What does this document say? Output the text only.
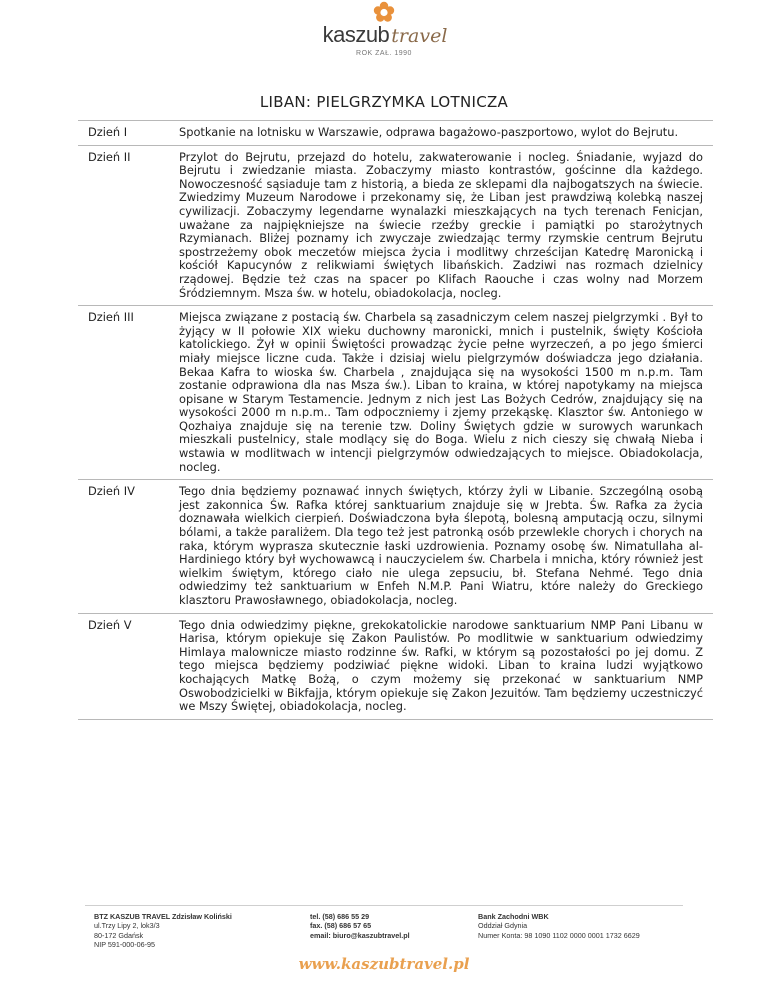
kaszub travel
ROK ZAŁ. 1990
LIBAN: PIELGRZYMKA LOTNICZA
Dzień I	Spotkanie na lotnisku w Warszawie, odprawa bagażowo-paszportowo, wylot do Bejrutu.
Dzień II	Przylot do Bejrutu, przejazd do hotelu, zakwaterowanie i nocleg. Śniadanie, wyjazd do Bejrutu i zwiedzanie miasta. Zobaczymy miasto kontrastów, gościnne dla każdego. Nowoczesność sąsiaduje tam z historią, a bieda ze sklepami dla najbogatszych na świecie. Zwiedzimy Muzeum Narodowe i przekonamy się, że Liban jest prawdziwą kolebką naszej cywilizacji. Zobaczymy legendarne wynalazki mieszkających na tych terenach Fenicjan, uważane za najpiękniejsze na świecie rzeźby greckie i pamiątki po starożytnych Rzymianach. Bliżej poznamy ich zwyczaje zwiedzając termy rzymskie centrum Bejrutu spostrzeżemy obok meczetów miejsca życia i modlitwy chrześcijan Katedrę Maronicką i kościół Kapucynów z relikwiami świętych libańskich. Zadziwi nas rozmach dzielnicy rządowej. Będzie też czas na spacer po Klifach Raouche i czas wolny nad Morzem Śródziemnym. Msza św. w hotelu, obiadokolacja, nocleg.
Dzień III	Miejsca związane z postacią św. Charbela są zasadniczym celem naszej pielgrzymki . Był to żyjący w II połowie XIX wieku duchowny maronicki, mnich i pustelnik, święty Kościoła katolickiego. Żył w opinii Świętości prowadząc życie pełne wyrzeczeń, a po jego śmierci miały miejsce liczne cuda. Także i dzisiaj wielu pielgrzymów doświadcza jego działania. Bekaa Kafra to wioska św. Charbela , znajdująca się na wysokości 1500 m n.p.m. Tam zostanie odprawiona dla nas Msza św.). Liban to kraina, w której napotykamy na miejsca opisane w Starym Testamencie. Jednym z nich jest Las Bożych Cedrów, znajdujący się na wysokości 2000 m n.p.m.. Tam odpoczniemy i zjemy przekąskę. Klasztor św. Antoniego w Qozhaiya znajduje się na terenie tzw. Doliny Świętych gdzie w surowych warunkach mieszkali pustelnicy, stale modlący się do Boga. Wielu z nich cieszy się chwałą Nieba i wstawia w modlitwach w intencji pielgrzymów odwiedzających to miejsce. Obiadokolacja, nocleg.
Dzień IV	Tego dnia będziemy poznawać innych świętych, którzy żyli w Libanie. Szczególną osobą jest zakonnica Św. Rafka której sanktuarium znajduje się w Jrebta. Św. Rafka za życia doznawała wielkich cierpień. Doświadczona była ślepotą, bolesną amputacją oczu, silnymi bólami, a także paraliżem. Dla tego też jest patronką osób przewlekle chorych i chorych na raka, którym wyprasza skutecznie łaski uzdrowienia. Poznamy osobę św. Nimatullaha al-Hardiniego który był wychowawcą i nauczycielem św. Charbela i mnicha, który również jest wielkim świętym, którego ciało nie ulega zepsuciu, bł. Stefana Nehmé. Tego dnia odwiedzimy też sanktuarium w Enfeh N.M.P. Pani Wiatru, które należy do Greckiego klasztoru Prawosławnego, obiadokolacja, nocleg.
Dzień V	Tego dnia odwiedzimy piękne, grekokatolickie narodowe sanktuarium NMP Pani Libanu w Harisa, którym opiekuje się Zakon Paulistów. Po modlitwie w sanktuarium odwiedzimy Himlaya malownicze miasto rodzinne św. Rafki, w którym są pozostałości po jej domu. Z tego miejsca będziemy podziwiać piękne widoki. Liban to kraina ludzi wyjątkowo kochających Matkę Bożą, o czym możemy się przekonać w sanktuarium NMP Oswobodzicielki w Bikfajja, którym opiekuje się Zakon Jezuitów. Tam będziemy uczestniczyć we Mszy Świętej, obiadokolacja, nocleg.
BTZ KASZUB TRAVEL Zdzisław Koliński
ul.Trzy Lipy 2, lok3/3
80-172 Gdańsk
NIP 591-000-06-95
tel. (58) 686 55 29
fax. (58) 686 57 65
email: biuro@kaszubtravel.pl
Bank Zachodni WBK
Oddział Gdynia
Numer Konta: 98 1090 1102 0000 0001 1732 6629
www.kaszubtravel.pl
